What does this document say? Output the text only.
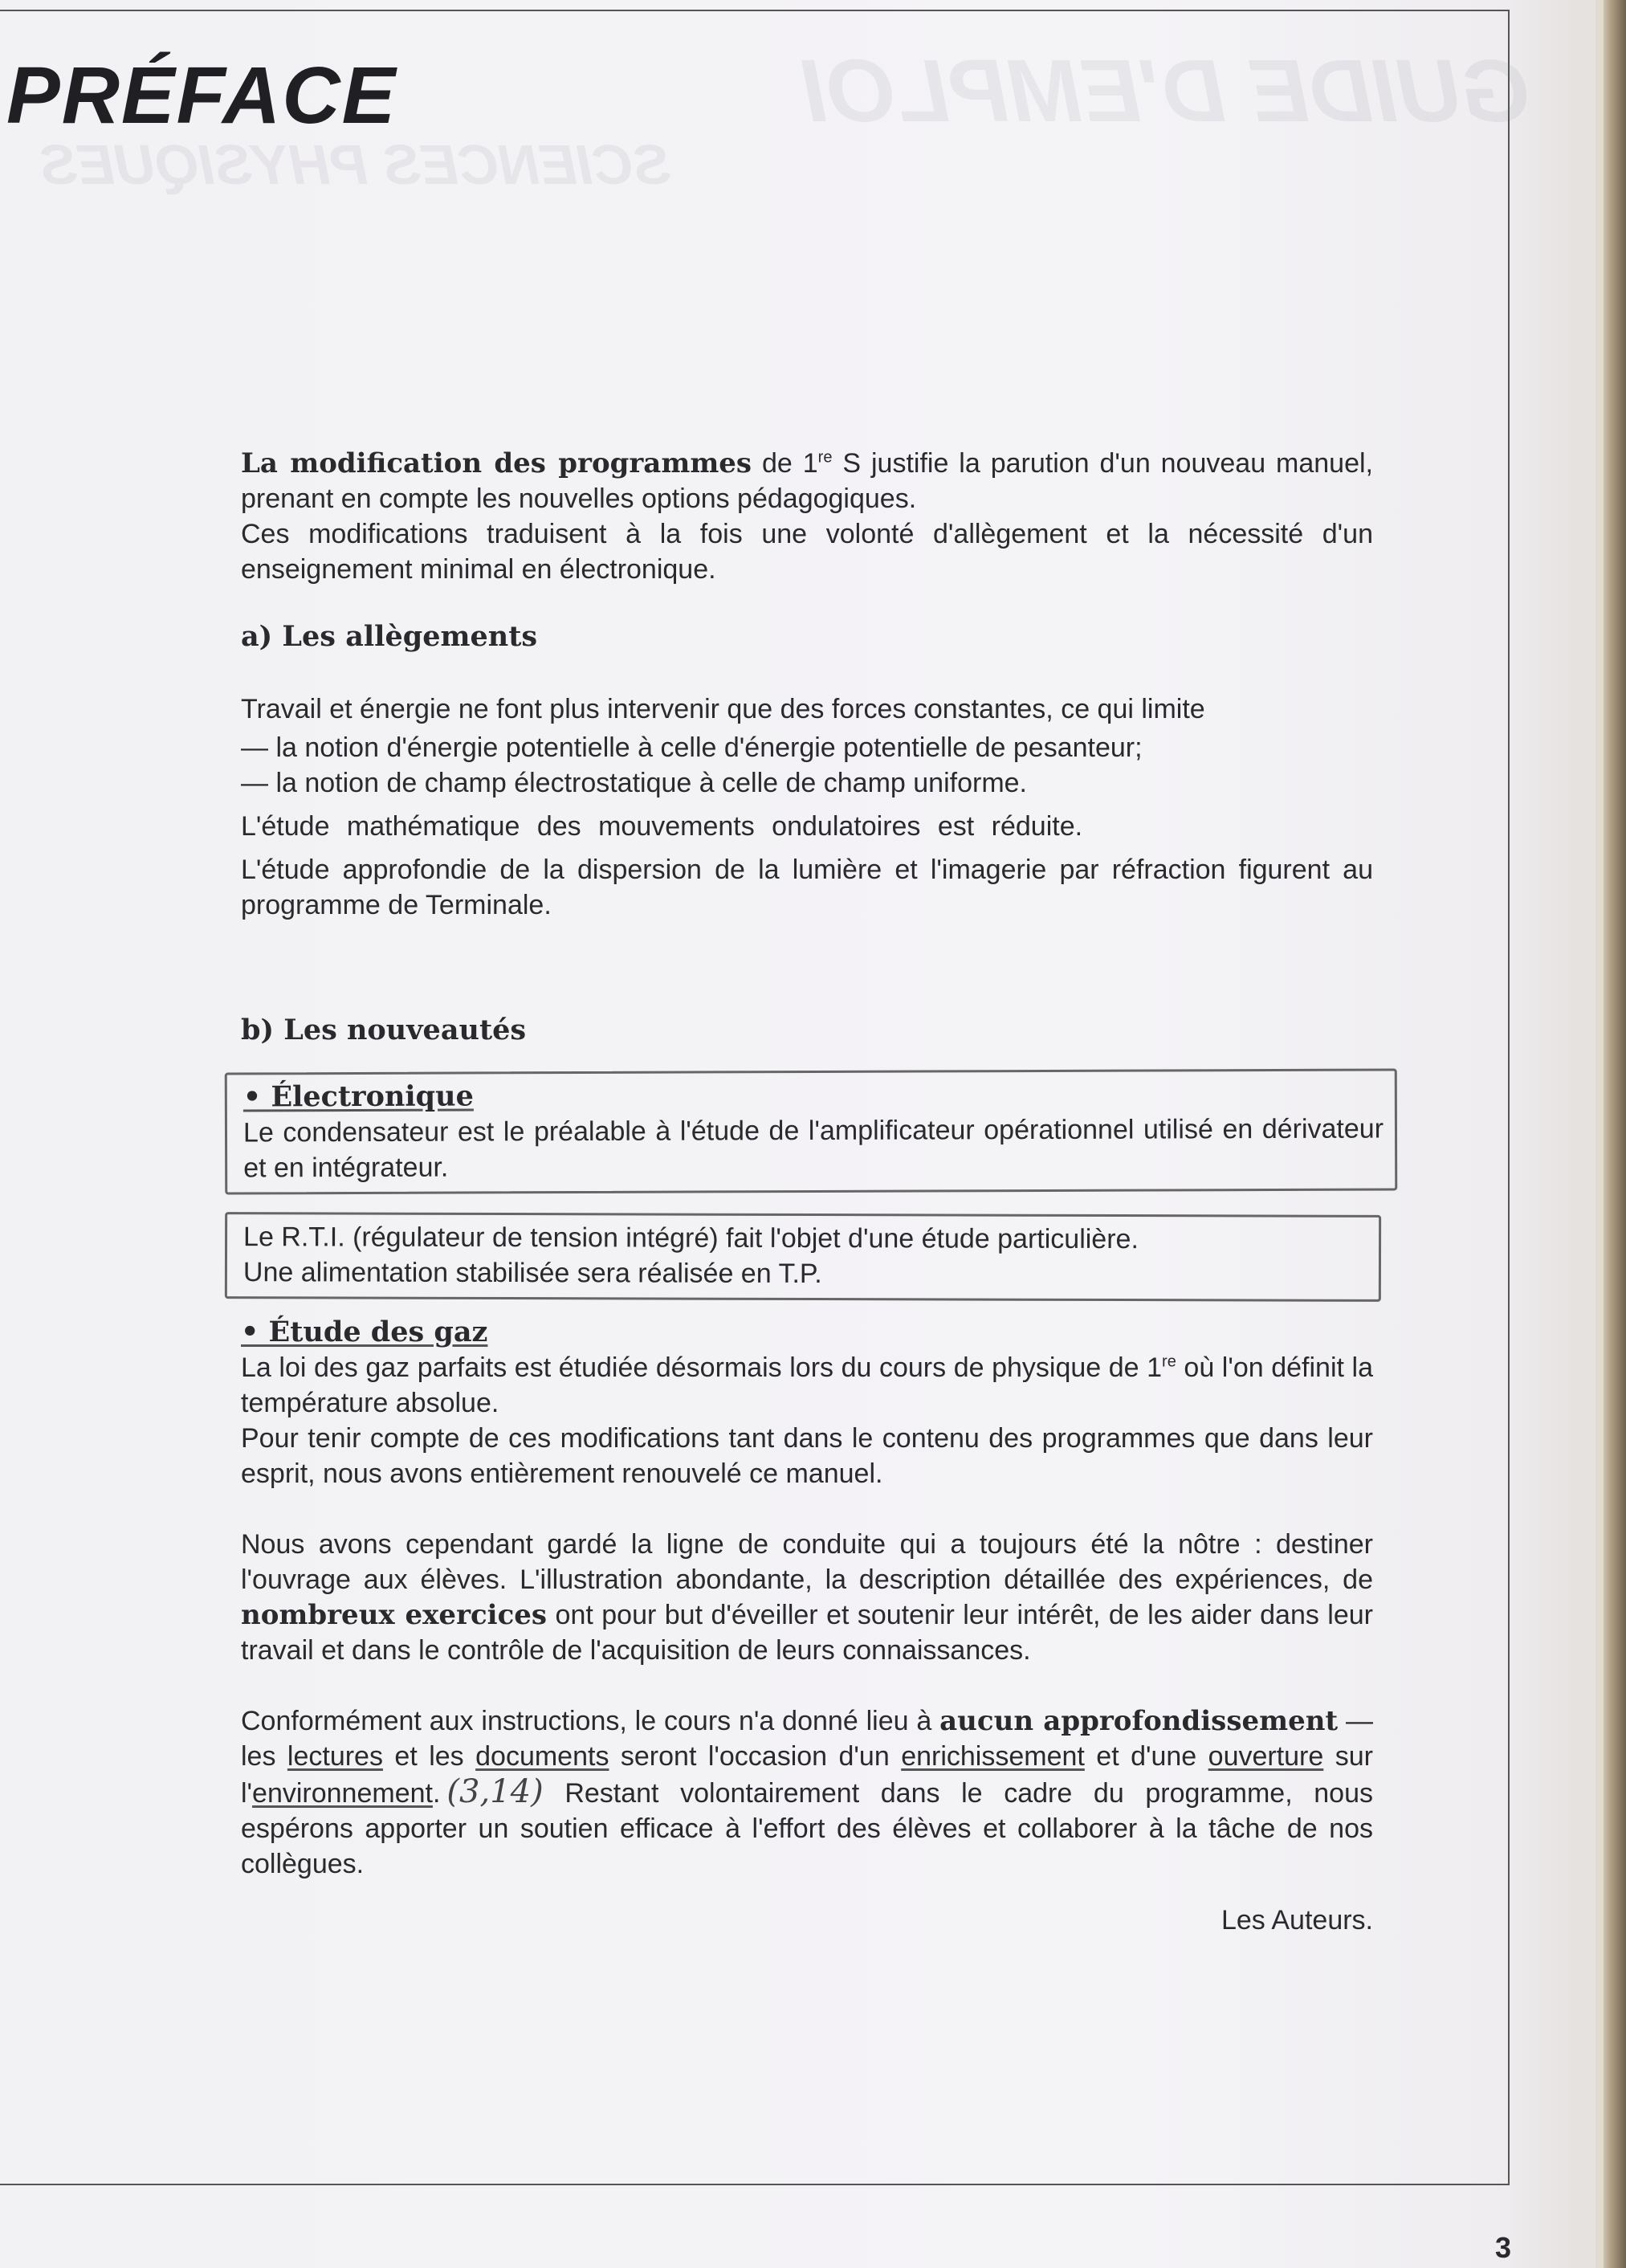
GUIDE D'EMPLOI
SCIENCES PHYSIQUES
PRÉFACE

La modification des programmes de 1re S justifie la parution d'un nouveau manuel, prenant en compte les nouvelles options pédagogiques.

Ces modifications traduisent à la fois une volonté d'allègement et la nécessité d'un enseignement minimal en électronique.

a) Les allègements

Travail et énergie ne font plus intervenir que des forces constantes, ce qui limite

— la notion d'énergie potentielle à celle d'énergie potentielle de pesanteur;

— la notion de champ électrostatique à celle de champ uniforme.

L'étude mathématique des mouvements ondulatoires est réduite.

L'étude approfondie de la dispersion de la lumière et l'imagerie par réfraction figurent au programme de Terminale.

b) Les nouveautés

• Électronique

Le condensateur est le préalable à l'étude de l'amplificateur opérationnel utilisé en dérivateur et en intégrateur.

Le R.T.I. (régulateur de tension intégré) fait l'objet d'une étude particulière.

Une alimentation stabilisée sera réalisée en T.P.

• Étude des gaz

La loi des gaz parfaits est étudiée désormais lors du cours de physique de 1re où l'on définit la température absolue.

Pour tenir compte de ces modifications tant dans le contenu des programmes que dans leur esprit, nous avons entièrement renouvelé ce manuel.

Nous avons cependant gardé la ligne de conduite qui a toujours été la nôtre : destiner l'ouvrage aux élèves. L'illustration abondante, la description détaillée des expériences, de nombreux exercices ont pour but d'éveiller et soutenir leur intérêt, de les aider dans leur travail et dans le contrôle de l'acquisition de leurs connaissances.

Conformément aux instructions, le cours n'a donné lieu à aucun approfondissement — les lectures et les documents seront l'occasion d'un enrichissement et d'une ouverture sur l'environnement. (3,14) Restant volontairement dans le cadre du programme, nous espérons apporter un soutien efficace à l'effort des élèves et collaborer à la tâche de nos collègues.

Les Auteurs.

3
